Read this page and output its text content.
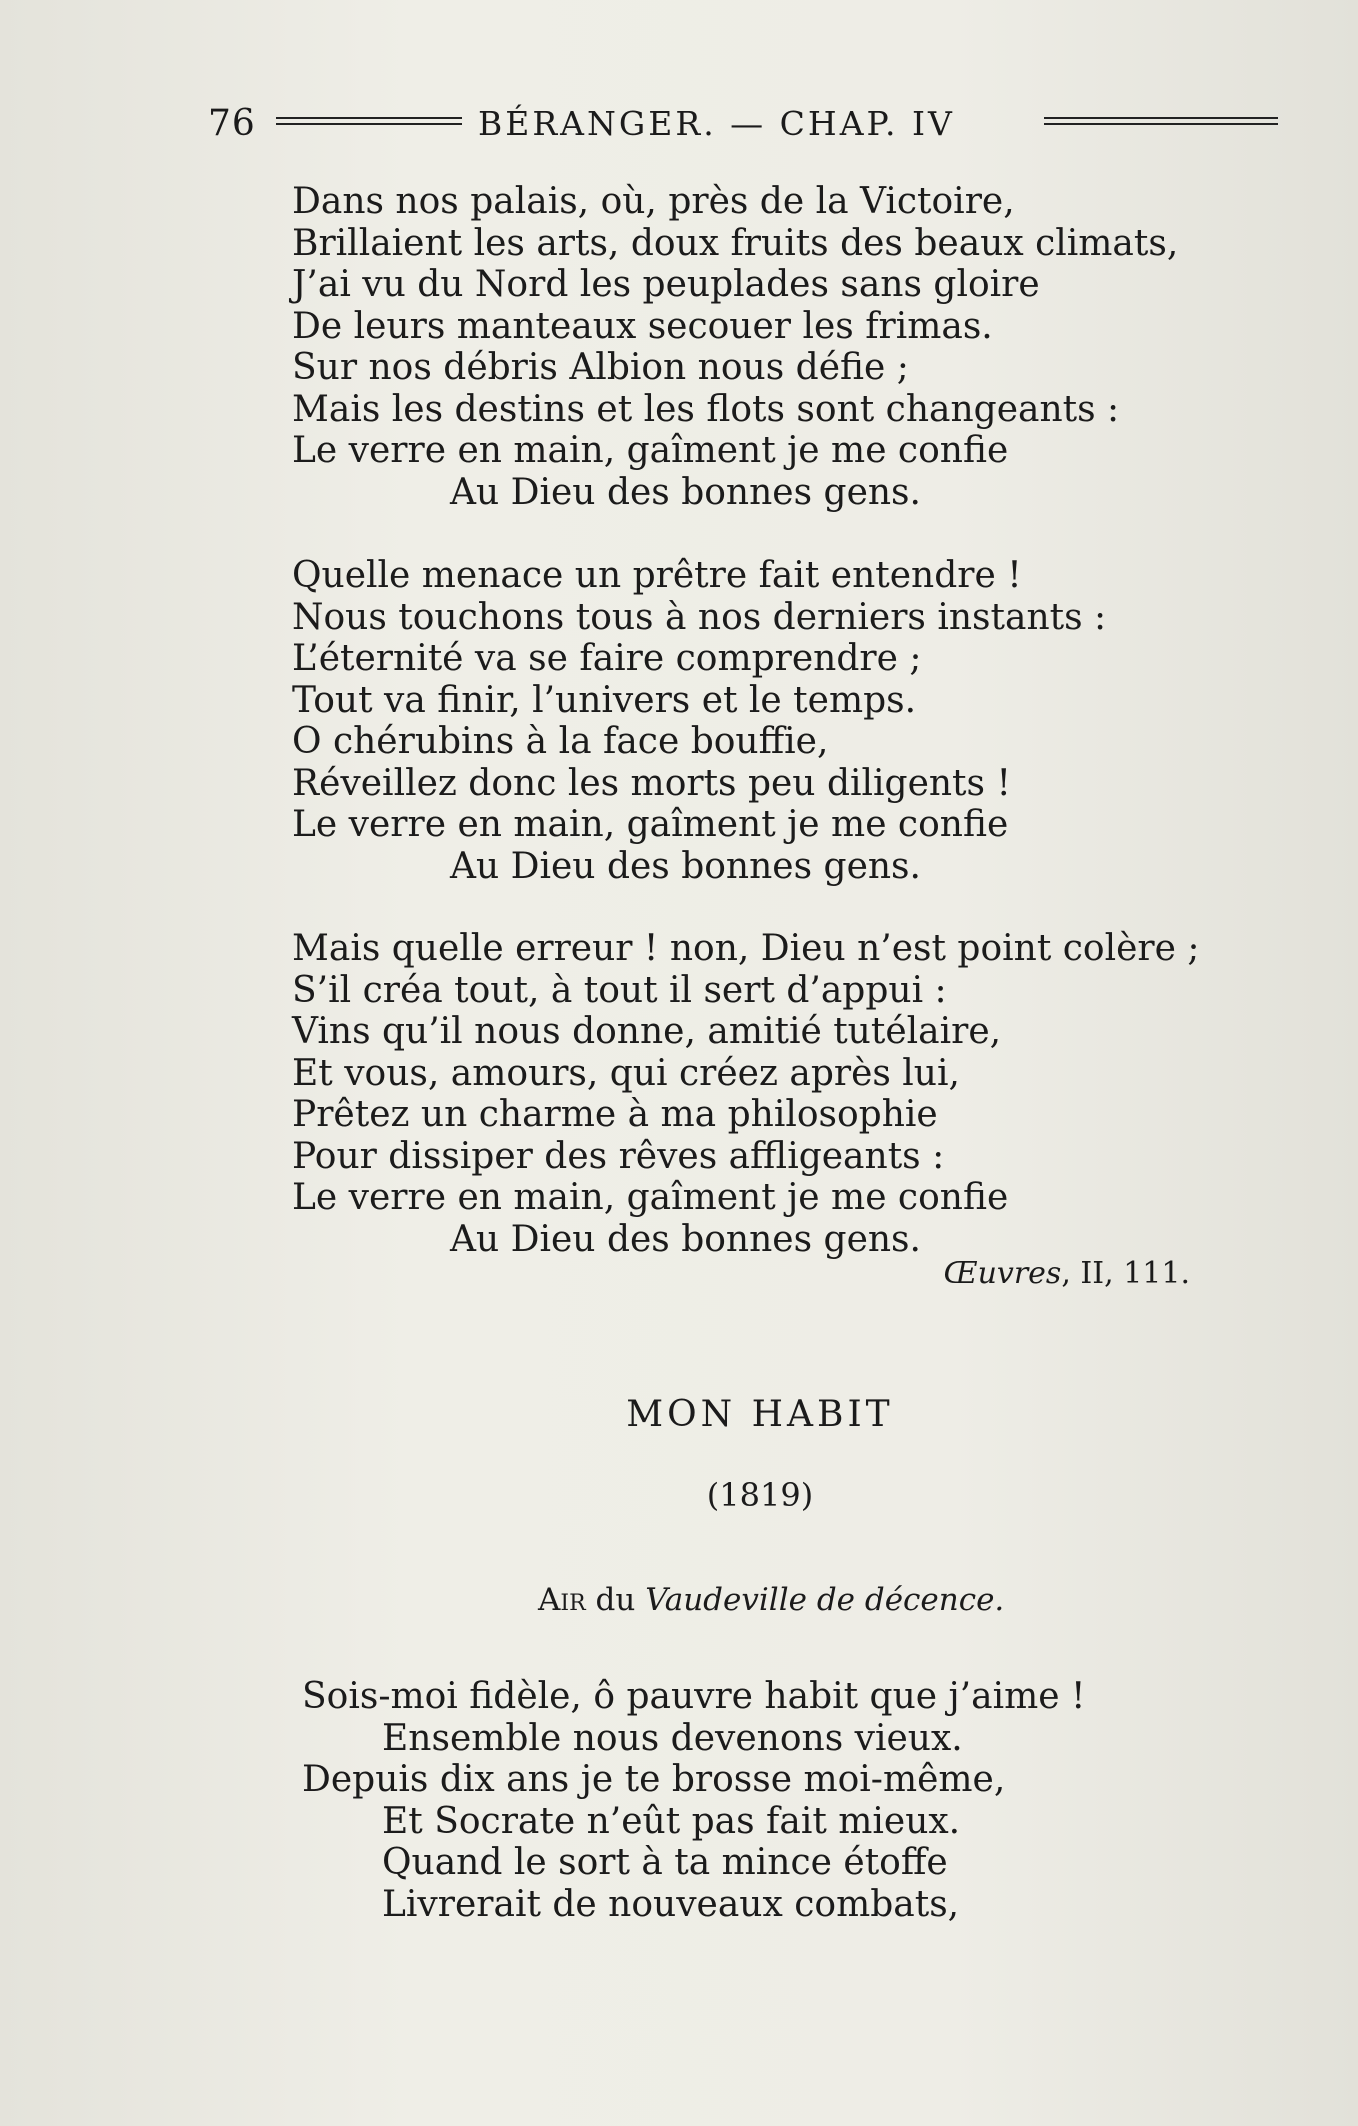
76	BÉRANGER. — CHAP. IV
Dans nos palais, où, près de la Victoire,
Brillaient les arts, doux fruits des beaux climats,
J’ai vu du Nord les peuplades sans gloire
De leurs manteaux secouer les frimas.
Sur nos débris Albion nous défie ;
Mais les destins et les flots sont changeants :
Le verre en main, gaîment je me confie
Au Dieu des bonnes gens.
Quelle menace un prêtre fait entendre !
Nous touchons tous à nos derniers instants :
L’éternité va se faire comprendre ;
Tout va finir, l’univers et le temps.
O chérubins à la face bouffie,
Réveillez donc les morts peu diligents !
Le verre en main, gaîment je me confie
Au Dieu des bonnes gens.
Mais quelle erreur ! non, Dieu n’est point colère ;
S’il créa tout, à tout il sert d’appui :
Vins qu’il nous donne, amitié tutélaire,
Et vous, amours, qui créez après lui,
Prêtez un charme à ma philosophie
Pour dissiper des rêves affligeants :
Le verre en main, gaîment je me confie
Au Dieu des bonnes gens.
Œuvres, II, 111.
MON HABIT
(1819)
Air du Vaudeville de décence.
Sois-moi fidèle, ô pauvre habit que j’aime !
Ensemble nous devenons vieux.
Depuis dix ans je te brosse moi-même,
Et Socrate n’eût pas fait mieux.
Quand le sort à ta mince étoffe
Livrerait de nouveaux combats,
